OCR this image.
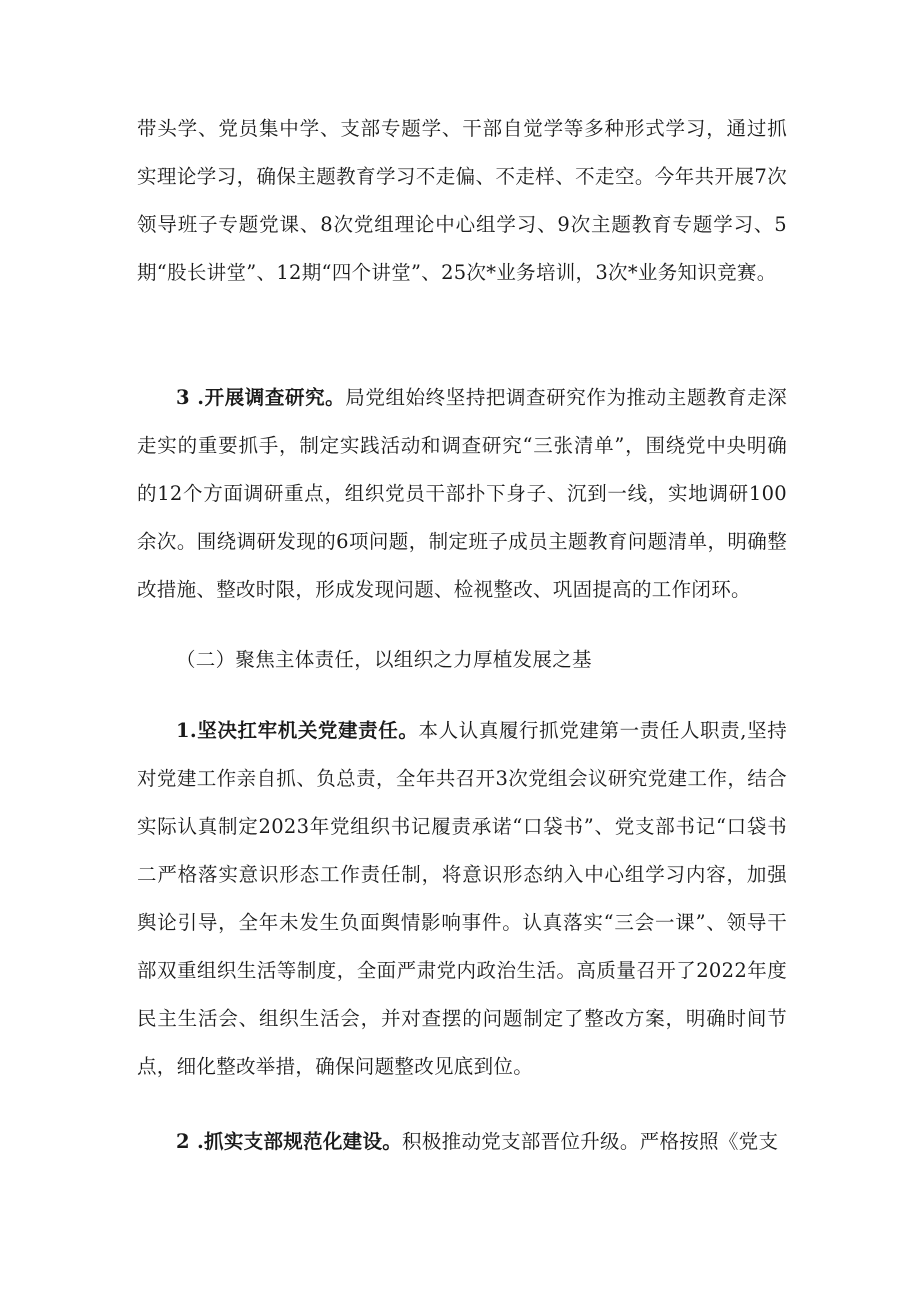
带头学、党员集中学、支部专题学、干部自觉学等多种形式学习，通过抓实理论学习，确保主题教育学习不走偏、不走样、不走空。今年共开展7次领导班子专题党课、8次党组理论中心组学习、9次主题教育专题学习、5期“股长讲堂”、12期“四个讲堂”、25次*业务培训，3次*业务知识竞赛。

3 .开展调查研究。局党组始终坚持把调查研究作为推动主题教育走深走实的重要抓手，制定实践活动和调查研究“三张清单”，围绕党中央明确的12个方面调研重点，组织党员干部扑下身子、沉到一线，实地调研100余次。围绕调研发现的6项问题，制定班子成员主题教育问题清单，明确整改措施、整改时限，形成发现问题、检视整改、巩固提高的工作闭环。

（二）聚焦主体责任，以组织之力厚植发展之基

1.坚决扛牢机关党建责任。本人认真履行抓党建第一责任人职责,坚持对党建工作亲自抓、负总责，全年共召开3次党组会议研究党建工作，结合实际认真制定2023年党组织书记履责承诺“口袋书”、党支部书记“口袋书二严格落实意识形态工作责任制，将意识形态纳入中心组学习内容，加强舆论引导，全年未发生负面舆情影响事件。认真落实“三会一课”、领导干部双重组织生活等制度，全面严肃党内政治生活。高质量召开了2022年度民主生活会、组织生活会，并对查摆的问题制定了整改方案，明确时间节点，细化整改举措，确保问题整改见底到位。

2 .抓实支部规范化建设。积极推动党支部晋位升级。严格按照《党支
